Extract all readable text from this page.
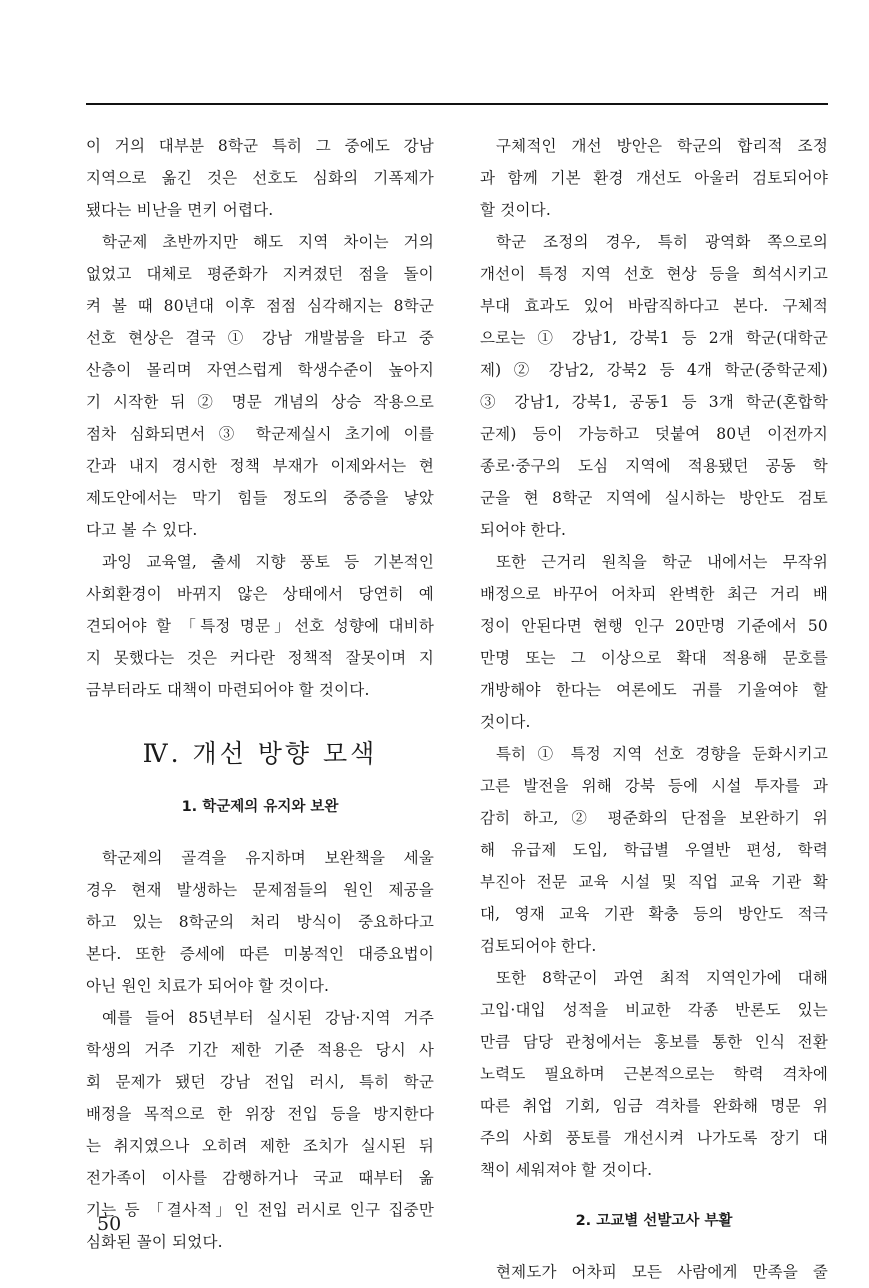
이 거의 대부분 8학군 특히 그 중에도 강남
지역으로 옮긴 것은 선호도 심화의 기폭제가
됐다는 비난을 면키 어렵다.
학군제 초반까지만 해도 지역 차이는 거의
없었고 대체로 평준화가 지켜졌던 점을 돌이
켜 볼 때 80년대 이후 점점 심각해지는 8학군
선호 현상은 결국 ① 강남 개발붐을 타고 중
산층이 몰리며 자연스럽게 학생수준이 높아지
기 시작한 뒤 ② 명문 개념의 상승 작용으로
점차 심화되면서 ③ 학군제실시 초기에 이를
간과 내지 경시한 정책 부재가 이제와서는 현
제도안에서는 막기 힘들 정도의 중증을 낳았
다고 볼 수 있다.
과잉 교육열, 출세 지향 풍토 등 기본적인
사회환경이 바뀌지 않은 상태에서 당연히 예
견되어야 할 「특정 명문」선호 성향에 대비하
지 못했다는 것은 커다란 정책적 잘못이며 지
금부터라도 대책이 마련되어야 할 것이다.
Ⅳ. 개선 방향 모색
1. 학군제의 유지와 보완
학군제의 골격을 유지하며 보완책을 세울
경우 현재 발생하는 문제점들의 원인 제공을
하고 있는 8학군의 처리 방식이 중요하다고
본다. 또한 증세에 따른 미봉적인 대증요법이
아닌 원인 치료가 되어야 할 것이다.
예를 들어 85년부터 실시된 강남·지역 거주
학생의 거주 기간 제한 기준 적용은 당시 사
회 문제가 됐던 강남 전입 러시, 특히 학군
배정을 목적으로 한 위장 전입 등을 방지한다
는 취지였으나 오히려 제한 조치가 실시된 뒤
전가족이 이사를 감행하거나 국교 때부터 옮
기는 등 「결사적」인 전입 러시로 인구 집중만
심화된 꼴이 되었다.
구체적인 개선 방안은 학군의 합리적 조정
과 함께 기본 환경 개선도 아울러 검토되어야
할 것이다.
학군 조정의 경우, 특히 광역화 쪽으로의
개선이 특정 지역 선호 현상 등을 희석시키고
부대 효과도 있어 바람직하다고 본다. 구체적
으로는 ① 강남1, 강북1 등 2개 학군(대학군
제) ② 강남2, 강북2 등 4개 학군(중학군제)
③ 강남1, 강북1, 공동1 등 3개 학군(혼합학
군제) 등이 가능하고 덧붙여 80년 이전까지
종로·중구의 도심 지역에 적용됐던 공동 학
군을 현 8학군 지역에 실시하는 방안도 검토
되어야 한다.
또한 근거리 원칙을 학군 내에서는 무작위
배정으로 바꾸어 어차피 완벽한 최근 거리 배
정이 안된다면 현행 인구 20만명 기준에서 50
만명 또는 그 이상으로 확대 적용해 문호를
개방해야 한다는 여론에도 귀를 기울여야 할
것이다.
특히 ① 특정 지역 선호 경향을 둔화시키고
고른 발전을 위해 강북 등에 시설 투자를 과
감히 하고, ② 평준화의 단점을 보완하기 위
해 유급제 도입, 학급별 우열반 편성, 학력
부진아 전문 교육 시설 및 직업 교육 기관 확
대, 영재 교육 기관 확충 등의 방안도 적극
검토되어야 한다.
또한 8학군이 과연 최적 지역인가에 대해
고입·대입 성적을 비교한 각종 반론도 있는
만큼 담당 관청에서는 홍보를 통한 인식 전환
노력도 필요하며 근본적으로는 학력 격차에
따른 취업 기회, 임금 격차를 완화해 명문 위
주의 사회 풍토를 개선시켜 나가도록 장기 대
책이 세워져야 할 것이다.
2. 고교별 선발고사 부활
현제도가 어차피 모든 사람에게 만족을 줄
50
